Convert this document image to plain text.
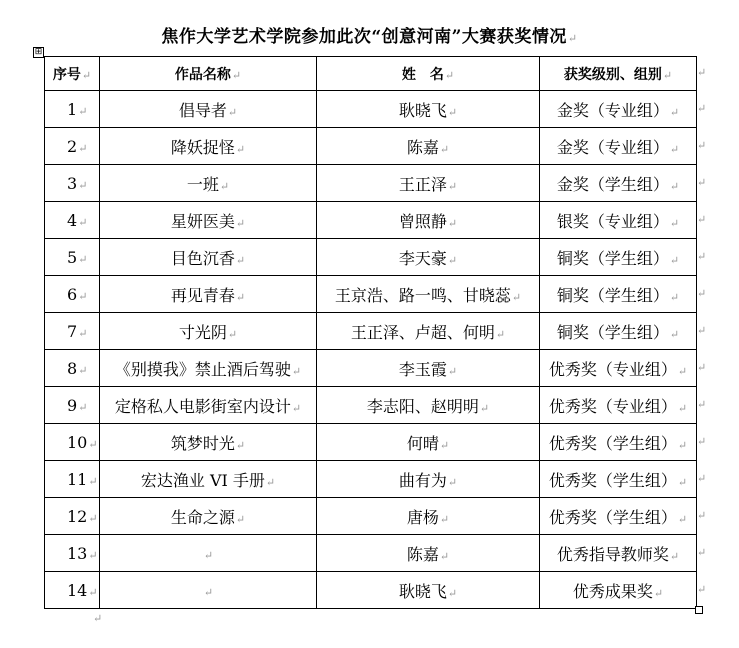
焦作大学艺术学院参加此次“创意河南”大赛获奖情况↵
⊞
序号↵	作品名称↵	姓　名↵	获奖级别、组别↵
1↵	倡导者↵	耿晓飞↵	金奖（专业组）↵
2↵	降妖捉怪↵	陈嘉↵	金奖（专业组）↵
3↵	一班↵	王正泽↵	金奖（学生组）↵
4↵	星妍医美↵	曾照静↵	银奖（专业组）↵
5↵	目色沉香↵	李天豪↵	铜奖（学生组）↵
6↵	再见青春↵	王京浩、路一鸣、甘晓蕊↵	铜奖（学生组）↵
7↵	寸光阴↵	王正泽、卢超、何明↵	铜奖（学生组）↵
8↵	《别摸我》禁止酒后驾驶↵	李玉霞↵	优秀奖（专业组）↵
9↵	定格私人电影街室内设计↵	李志阳、赵明明↵	优秀奖（专业组）↵
10↵	筑梦时光↵	何晴↵	优秀奖（学生组）↵
11↵	宏达渔业 VI 手册↵	曲有为↵	优秀奖（学生组）↵
12↵	生命之源↵	唐杨↵	优秀奖（学生组）↵
13↵	↵	陈嘉↵	优秀指导教师奖↵
14↵	↵	耿晓飞↵	优秀成果奖↵
↵
↵
↵
↵
↵
↵
↵
↵
↵
↵
↵
↵
↵
↵
↵
↵
